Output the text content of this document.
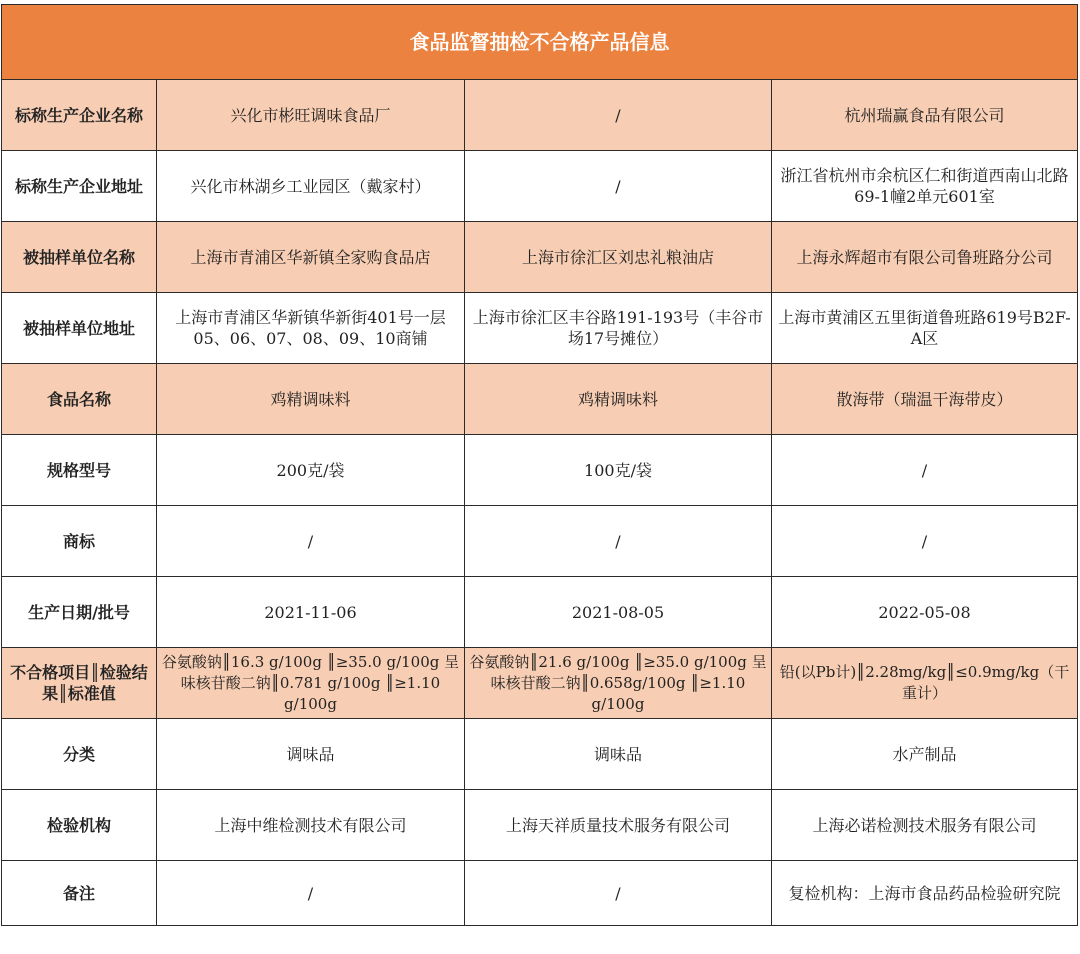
食品监督抽检不合格产品信息			
标称生产企业名称	兴化市彬旺调味食品厂	/	杭州瑞赢食品有限公司
标称生产企业地址	兴化市林湖乡工业园区（戴家村）	/	浙江省杭州市余杭区仁和街道西南山北路69-1幢2单元601室
被抽样单位名称	上海市青浦区华新镇全家购食品店	上海市徐汇区刘忠礼粮油店	上海永辉超市有限公司鲁班路分公司
被抽样单位地址	上海市青浦区华新镇华新街401号一层05、06、07、08、09、10商铺	上海市徐汇区丰谷路191-193号（丰谷市场17号摊位）	上海市黄浦区五里街道鲁班路619号B2F-A区
食品名称	鸡精调味料	鸡精调味料	散海带（瑞温干海带皮）
规格型号	200克/袋	100克/袋	/
商标	/	/	/
生产日期/批号	2021-11-06	2021-08-05	2022-05-08
不合格项目║检验结果║标准值	谷氨酸钠║16.3 g/100g ║≥35.0 g/100g 呈味核苷酸二钠║0.781 g/100g ║≥1.10 g/100g	谷氨酸钠║21.6 g/100g ║≥35.0 g/100g 呈味核苷酸二钠║0.658g/100g ║≥1.10 g/100g	铅(以Pb计)║2.28mg/kg║≤0.9mg/kg（干重计）
分类	调味品	调味品	水产制品
检验机构	上海中维检测技术有限公司	上海天祥质量技术服务有限公司	上海必诺检测技术服务有限公司
备注	/	/	复检机构：上海市食品药品检验研究院
